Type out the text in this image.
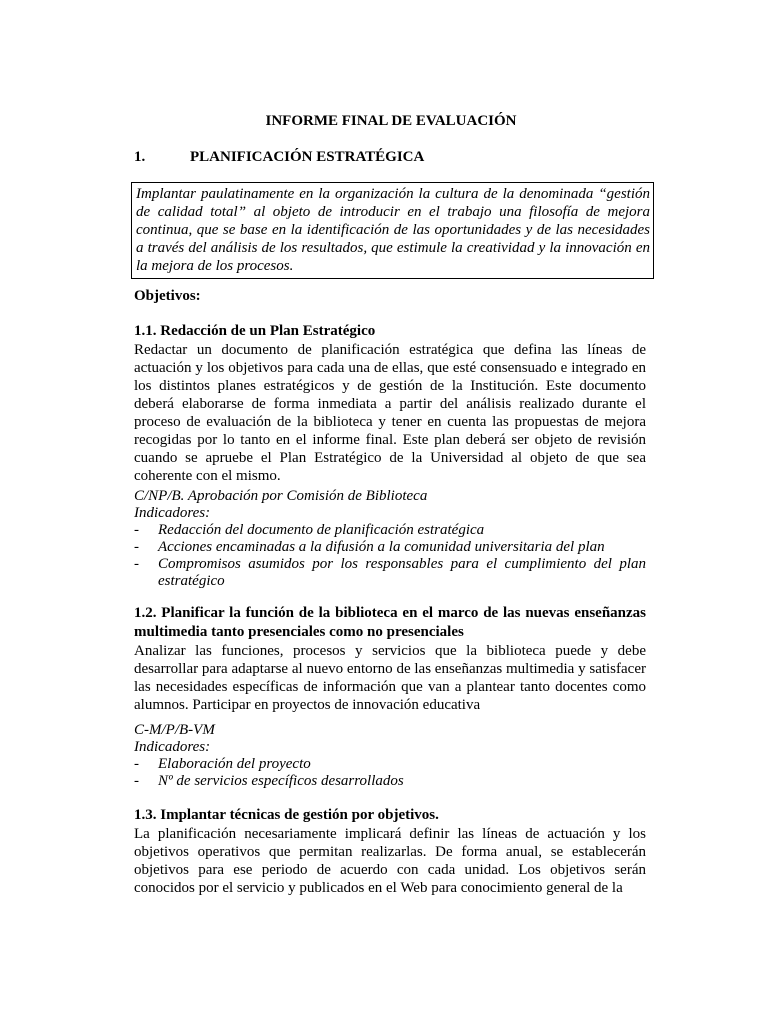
INFORME FINAL DE EVALUACIÓN
1.	PLANIFICACIÓN ESTRATÉGICA
Implantar paulatinamente en la organización la cultura de la denominada “gestión de calidad total” al objeto de introducir en el trabajo una filosofía de mejora continua, que se base en la identificación de las oportunidades y de las necesidades a través del análisis de los resultados, que estimule la creatividad y la innovación en la mejora de los procesos.
Objetivos:

1.1. Redacción de un Plan Estratégico

Redactar un documento de planificación estratégica que defina las líneas de actuación y los objetivos para cada una de ellas, que esté consensuado e integrado en los distintos planes estratégicos y de gestión de la Institución. Este documento deberá elaborarse de forma inmediata a partir del análisis realizado durante el proceso de evaluación de la biblioteca y tener en cuenta las propuestas de mejora recogidas por lo tanto en el informe final. Este plan deberá ser objeto de revisión cuando se apruebe el Plan Estratégico de la Universidad al objeto de que sea coherente con el mismo.

C/NP/B. Aprobación por Comisión de Biblioteca

Indicadores:

- Redacción del documento de planificación estratégica
- Acciones encaminadas a la difusión a la comunidad universitaria del plan
- Compromisos asumidos por los responsables para el cumplimiento del plan estratégico

1.2. Planificar la función de la biblioteca en el marco de las nuevas enseñanzas multimedia tanto presenciales como no presenciales

Analizar las funciones, procesos y servicios que la biblioteca puede y debe desarrollar para adaptarse al nuevo entorno de las enseñanzas multimedia y satisfacer las necesidades específicas de información que van a plantear tanto docentes como alumnos. Participar en proyectos de innovación educativa

C-M/P/B-VM

Indicadores:

- Elaboración del proyecto
- Nº de servicios específicos desarrollados

1.3. Implantar técnicas de gestión por objetivos.

La planificación necesariamente implicará definir las líneas de actuación y los objetivos operativos que permitan realizarlas. De forma anual, se establecerán objetivos para ese periodo de acuerdo con cada unidad. Los objetivos serán conocidos por el servicio y publicados en el Web para conocimiento general de la
